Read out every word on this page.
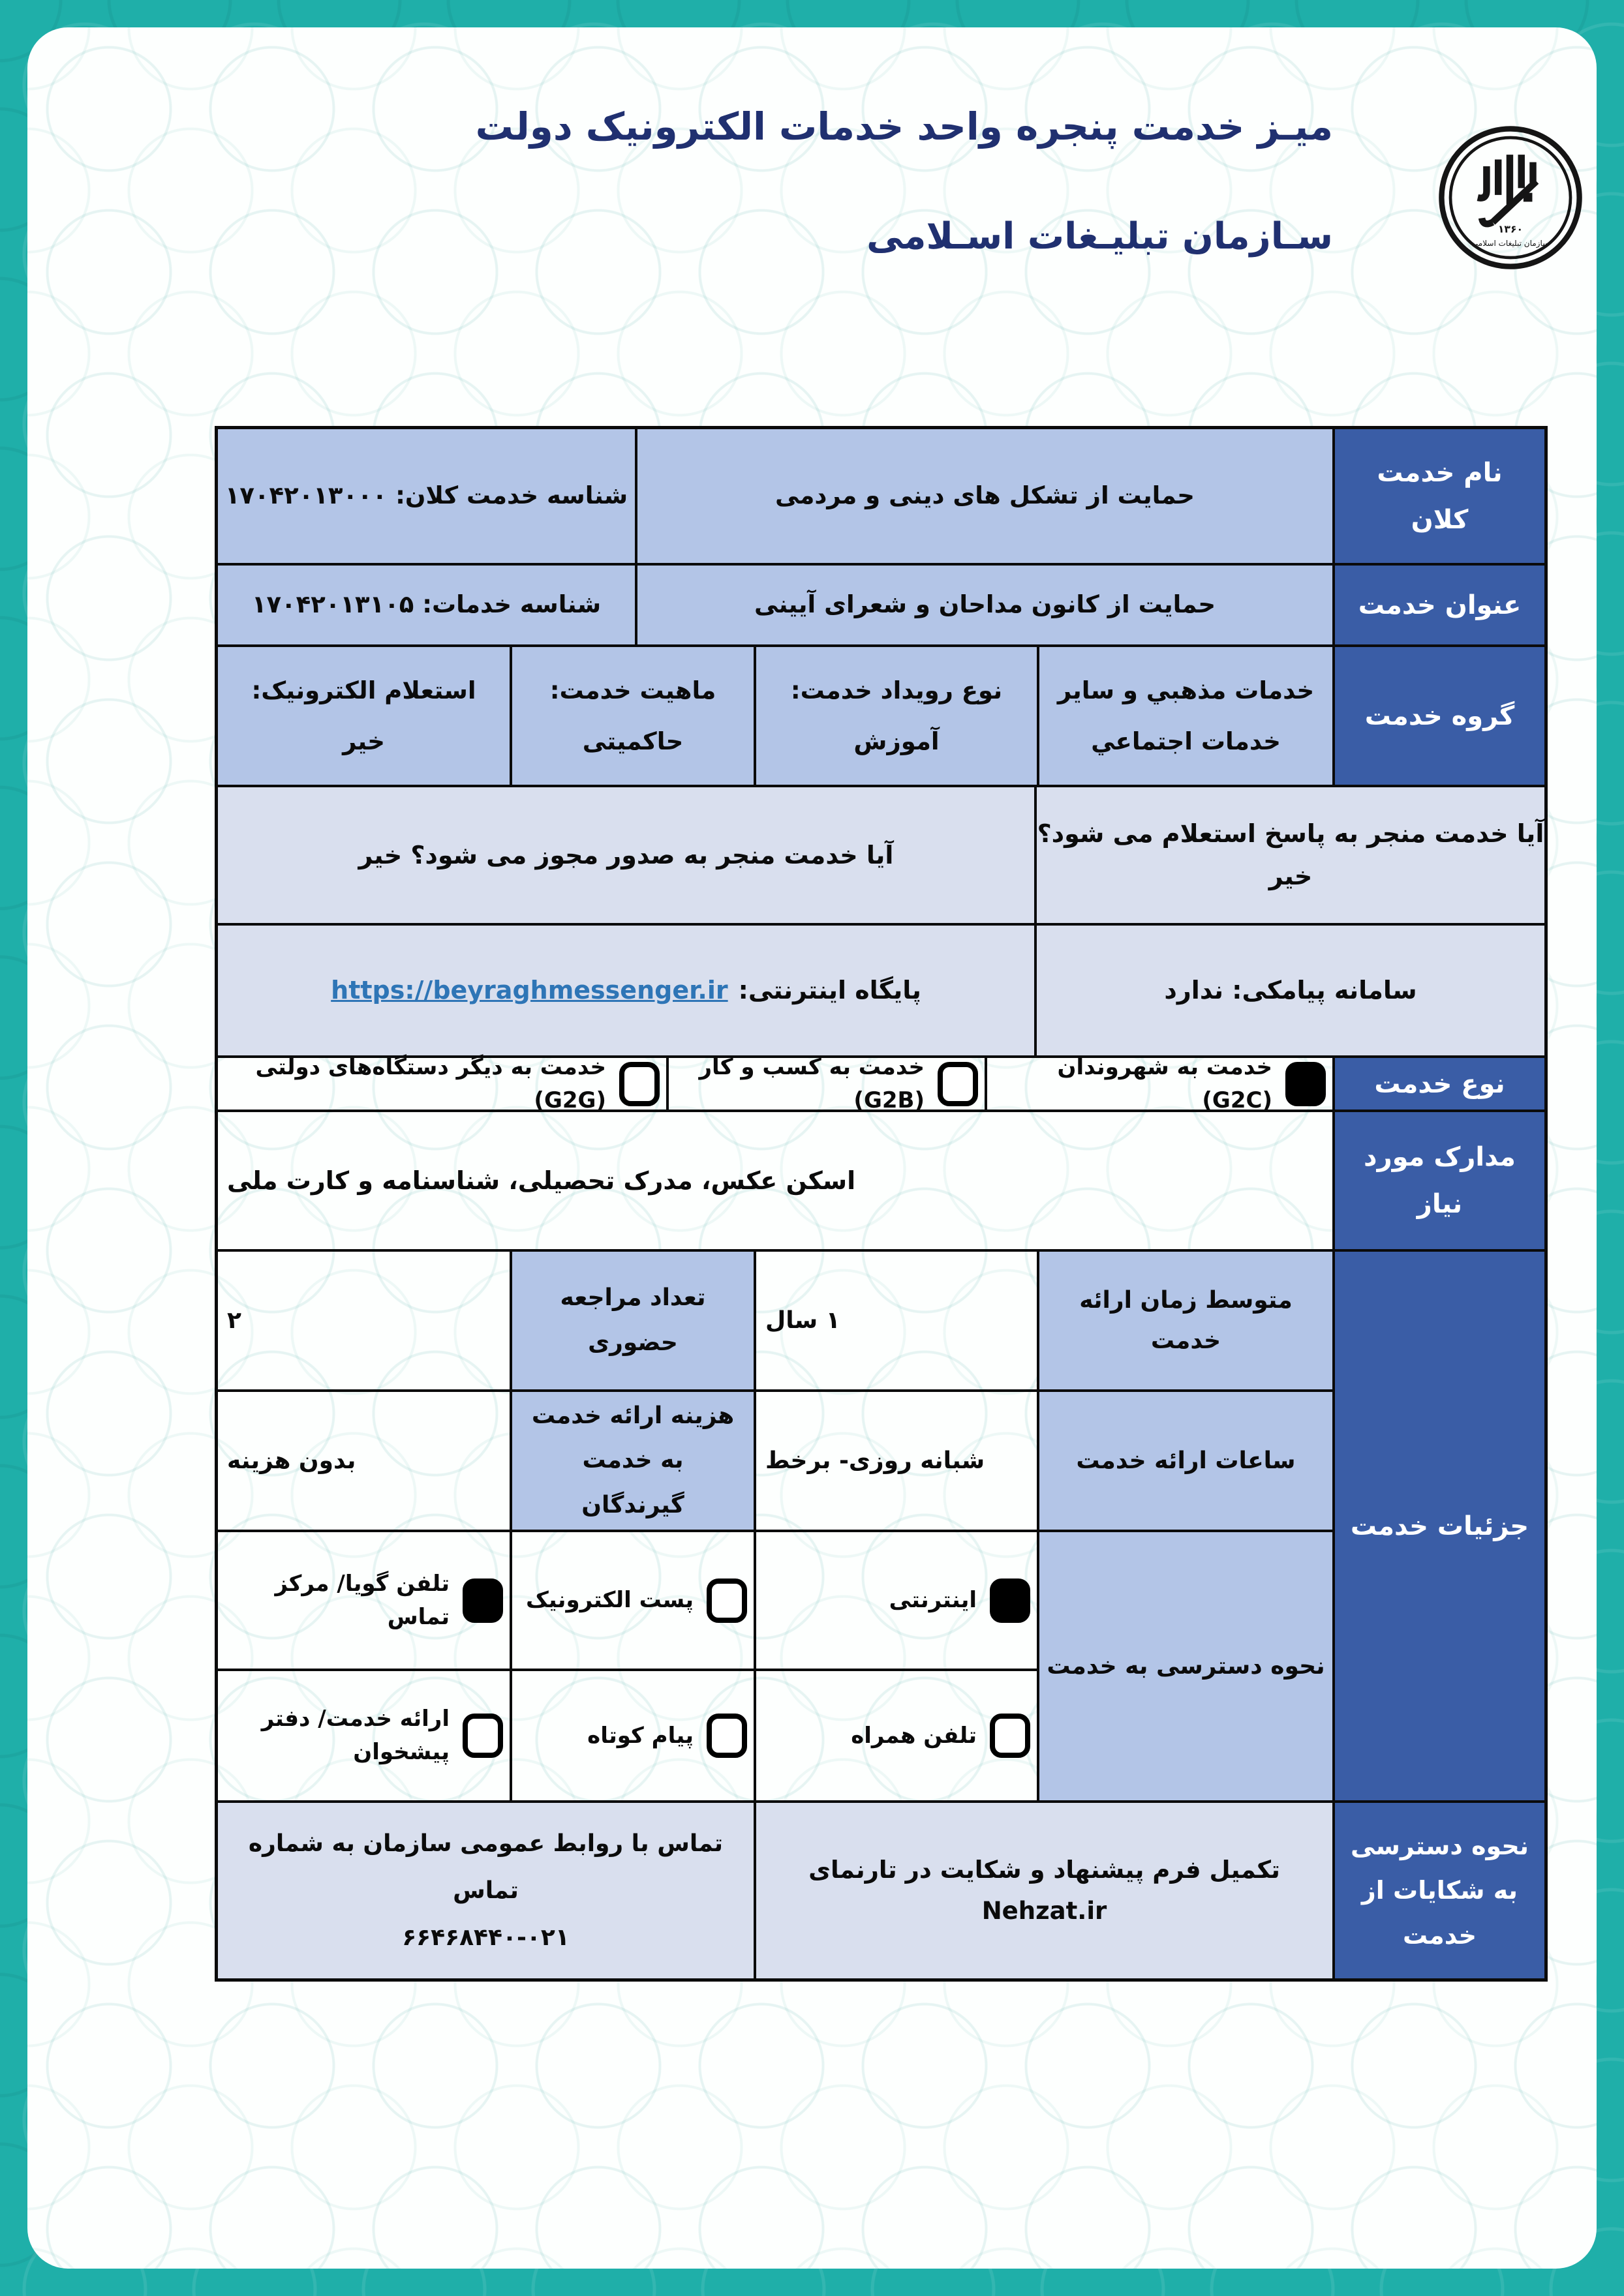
میـز خدمت پنجره واحد خدمات الکترونیک دولت
سـازمان تبلیـغات اسـلامی	۱۳۶۰
سازمان تبلیغات اسلامی
نام خدمت کلان
حمایت از تشکل های دینی و مردمی
شناسه خدمت کلان: ۱۷۰۴۲۰۱۳۰۰۰
عنوان خدمت
حمایت از کانون مداحان و شعرای آیینی
شناسه خدمات: ۱۷۰۴۲۰۱۳۱۰۵
گروه خدمت
خدمات مذهبي و ساير
خدمات اجتماعي
نوع رویداد خدمت:
آموزش
ماهیت خدمت:
حاکمیتی
استعلام الکترونیک:
خیر
آیا خدمت منجر به پاسخ استعلام می شود؟ خیر
آیا خدمت منجر به صدور مجوز می شود؟ خیر
سامانه پیامکی: ندارد
پایگاه اینترنتی:
https://beyraghmessenger.ir
نوع خدمت
خدمت به شهروندان (G2C)
خدمت به کسب و کار (G2B)
خدمت به دیگر دستگاه‌های دولتی (G2G)
مدارک مورد نیاز
اسکن عکس، مدرک تحصیلی، شناسنامه و کارت ملی
جزئیات خدمت
متوسط زمان ارائه خدمت
۱ سال
تعداد مراجعه حضوری
۲
ساعات ارائه خدمت
شبانه روزی- برخط
هزینه ارائه خدمت به خدمت گیرندگان
بدون هزینه
نحوه دسترسی به خدمت
اینترنتی
پست الکترونیک
تلفن گویا/ مرکز تماس
تلفن همراه
پیام کوتاه
ارائه خدمت/ دفتر پیشخوان
نحوه دسترسی به شکایات از خدمت
تکمیل فرم پیشنهاد و شکایت در تارنمای Nehzat.ir
تماس با روابط عمومی سازمان به شماره تماس
۶۶۴۶۸۴۴۰-۰۲۱
